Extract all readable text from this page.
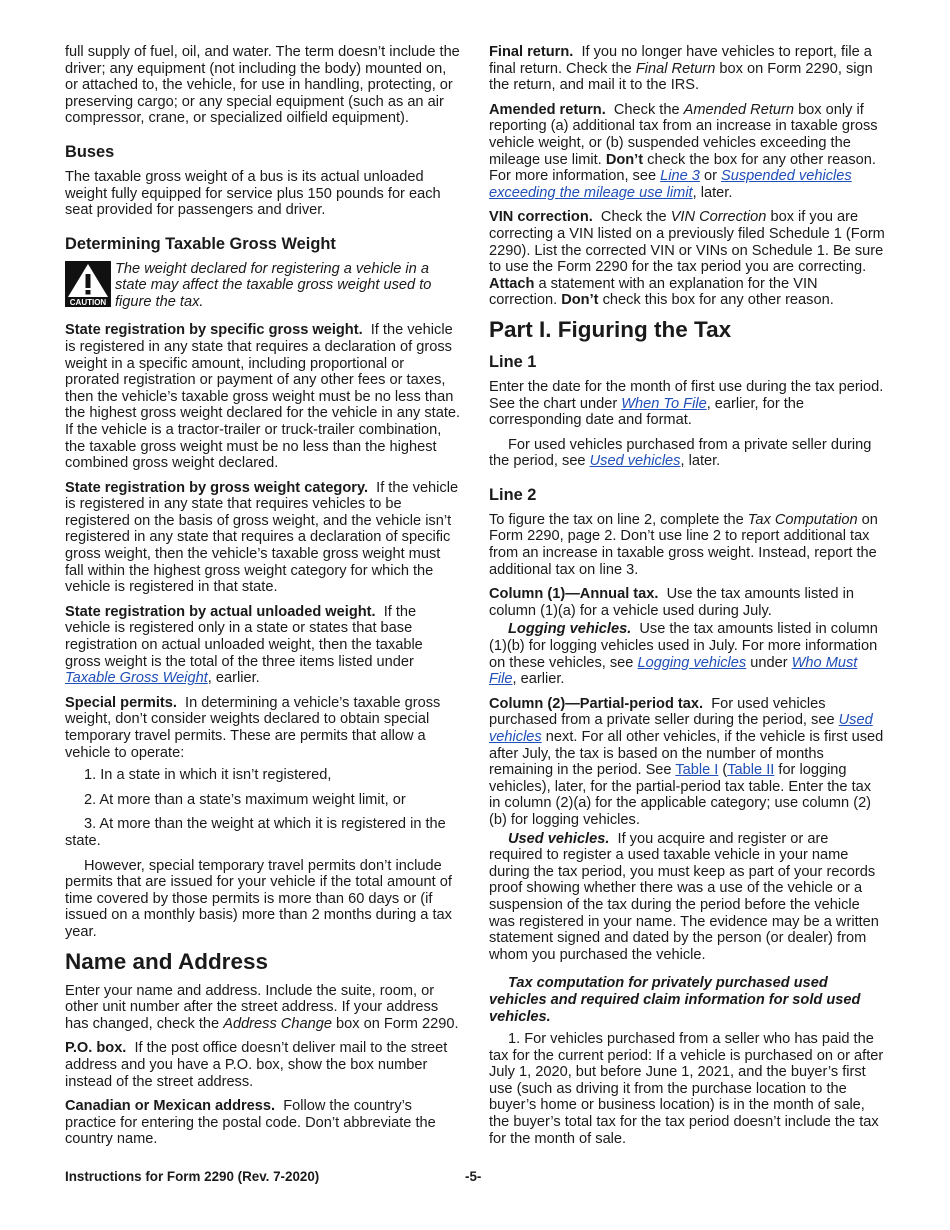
full supply of fuel, oil, and water. The term doesn’t include the driver; any equipment (not including the body) mounted on, or attached to, the vehicle, for use in handling, protecting, or preserving cargo; or any special equipment (such as an air compressor, crane, or specialized oilfield equipment).

Buses

The taxable gross weight of a bus is its actual unloaded weight fully equipped for service plus 150 pounds for each seat provided for passengers and driver.

Determining Taxable Gross Weight
CAUTION
The weight declared for registering a vehicle in a state may affect the taxable gross weight used to figure the tax.

State registration by specific gross weight. If the vehicle is registered in any state that requires a declaration of gross weight in a specific amount, including proportional or prorated registration or payment of any other fees or taxes, then the vehicle’s taxable gross weight must be no less than the highest gross weight declared for the vehicle in any state. If the vehicle is a tractor-trailer or truck-trailer combination, the taxable gross weight must be no less than the highest combined gross weight declared.

State registration by gross weight category. If the vehicle is registered in any state that requires vehicles to be registered on the basis of gross weight, and the vehicle isn’t registered in any state that requires a declaration of specific gross weight, then the vehicle’s taxable gross weight must fall within the highest gross weight category for which the vehicle is registered in that state.

State registration by actual unloaded weight. If the vehicle is registered only in a state or states that base registration on actual unloaded weight, then the taxable gross weight is the total of the three items listed under Taxable Gross Weight, earlier.

Special permits. In determining a vehicle’s taxable gross weight, don’t consider weights declared to obtain special temporary travel permits. These are permits that allow a vehicle to operate:

1. In a state in which it isn’t registered,
2. At more than a state’s maximum weight limit, or
3. At more than the weight at which it is registered in the state.

However, special temporary travel permits don’t include permits that are issued for your vehicle if the total amount of time covered by those permits is more than 60 days or (if issued on a monthly basis) more than 2 months during a tax year.

Name and Address

Enter your name and address. Include the suite, room, or other unit number after the street address. If your address has changed, check the Address Change box on Form 2290.

P.O. box. If the post office doesn’t deliver mail to the street address and you have a P.O. box, show the box number instead of the street address.

Canadian or Mexican address. Follow the country’s practice for entering the postal code. Don’t abbreviate the country name.

Final return. If you no longer have vehicles to report, file a final return. Check the Final Return box on Form 2290, sign the return, and mail it to the IRS.

Amended return. Check the Amended Return box only if reporting (a) additional tax from an increase in taxable gross vehicle weight, or (b) suspended vehicles exceeding the mileage use limit. Don’t check the box for any other reason. For more information, see Line 3 or Suspended vehicles exceeding the mileage use limit, later.

VIN correction. Check the VIN Correction box if you are correcting a VIN listed on a previously filed Schedule 1 (Form 2290). List the corrected VIN or VINs on Schedule 1. Be sure to use the Form 2290 for the tax period you are correcting. Attach a statement with an explanation for the VIN correction. Don’t check this box for any other reason.

Part I. Figuring the Tax
Line 1

Enter the date for the month of first use during the tax period. See the chart under When To File, earlier, for the corresponding date and format.

For used vehicles purchased from a private seller during the period, see Used vehicles, later.

Line 2

To figure the tax on line 2, complete the Tax Computation on Form 2290, page 2. Don’t use line 2 to report additional tax from an increase in taxable gross weight. Instead, report the additional tax on line 3.

Column (1)—Annual tax. Use the tax amounts listed in column (1)(a) for a vehicle used during July.

Logging vehicles. Use the tax amounts listed in column (1)(b) for logging vehicles used in July. For more information on these vehicles, see Logging vehicles under Who Must File, earlier.

Column (2)—Partial-period tax. For used vehicles purchased from a private seller during the period, see Used vehicles next. For all other vehicles, if the vehicle is first used after July, the tax is based on the number of months remaining in the period. See Table I (Table II for logging vehicles), later, for the partial-period tax table. Enter the tax in column (2)(a) for the applicable category; use column (2)(b) for logging vehicles.

Used vehicles. If you acquire and register or are required to register a used taxable vehicle in your name during the tax period, you must keep as part of your records proof showing whether there was a use of the vehicle or a suspension of the tax during the period before the vehicle was registered in your name. The evidence may be a written statement signed and dated by the person (or dealer) from whom you purchased the vehicle.

Tax computation for privately purchased used vehicles and required claim information for sold used vehicles.

1. For vehicles purchased from a seller who has paid the tax for the current period: If a vehicle is purchased on or after July 1, 2020, but before June 1, 2021, and the buyer’s first use (such as driving it from the purchase location to the buyer’s home or business location) is in the month of sale, the buyer’s total tax for the tax period doesn’t include the tax for the month of sale.

Instructions for Form 2290 (Rev. 7-2020)	-5-
